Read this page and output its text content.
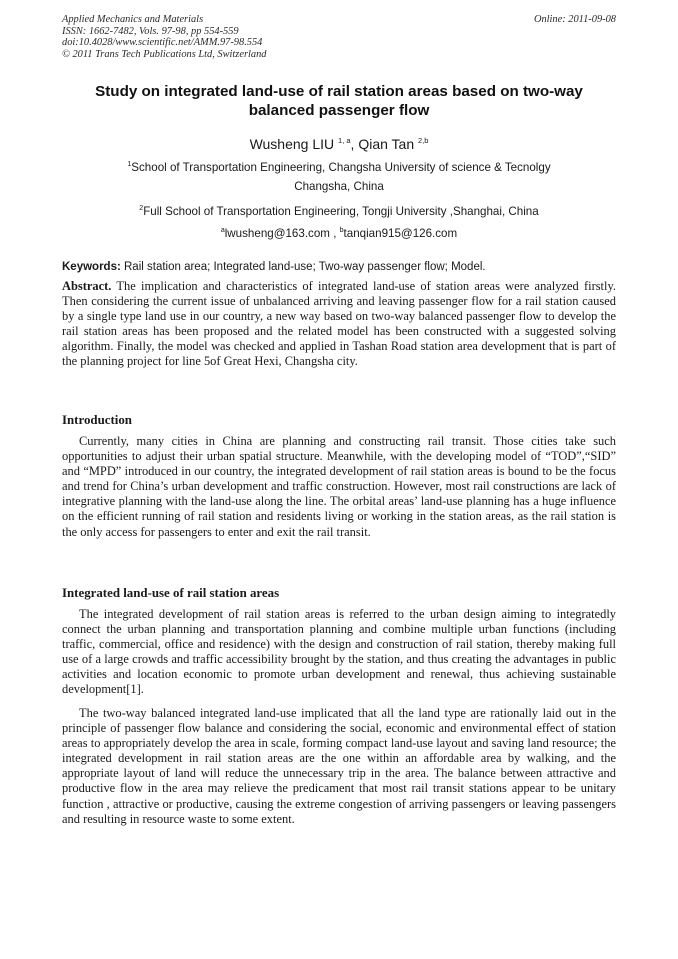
Applied Mechanics and Materials
ISSN: 1662-7482, Vols. 97-98, pp 554-559
doi:10.4028/www.scientific.net/AMM.97-98.554
© 2011 Trans Tech Publications Ltd, Switzerland
Online: 2011-09-08
Study on integrated land-use of rail station areas based on two-way balanced passenger flow
Wusheng LIU $^{1, a}$, Qian Tan $^{2,b}$
$^1$School of Transportation Engineering, Changsha University of science & Tecnolgy
Changsha, China
$^2$Full School of Transportation Engineering, Tongji University ,Shanghai, China
$^a$lwusheng@163.com , $^b$tanqian915@126.com
Keywords: Rail station area; Integrated land-use; Two-way passenger flow; Model.
Abstract. The implication and characteristics of integrated land-use of station areas were analyzed firstly. Then considering the current issue of unbalanced arriving and leaving passenger flow for a rail station caused by a single type land use in our country, a new way based on two-way balanced passenger flow to develop the rail station areas has been proposed and the related model has been constructed with a suggested solving algorithm. Finally, the model was checked and applied in Tashan Road station area development that is part of the planning project for line 5of Great Hexi, Changsha city.
Introduction
Currently, many cities in China are planning and constructing rail transit. Those cities take such opportunities to adjust their urban spatial structure. Meanwhile, with the developing model of “TOD”,“SID” and “MPD” introduced in our country, the integrated development of rail station areas is bound to be the focus and trend for China’s urban development and traffic construction. However, most rail constructions are lack of integrative planning with the land-use along the line. The orbital areas’ land-use planning has a huge influence on the efficient running of rail station and residents living or working in the station areas, as the rail station is the only access for passengers to enter and exit the rail transit.
Integrated land-use of rail station areas
The integrated development of rail station areas is referred to the urban design aiming to integratedly connect the urban planning and transportation planning and combine multiple urban functions (including traffic, commercial, office and residence) with the design and construction of rail station, thereby making full use of a large crowds and traffic accessibility brought by the station, and thus creating the advantages in public activities and location economic to promote urban development and renewal, thus achieving sustainable development[1].
The two-way balanced integrated land-use implicated that all the land type are rationally laid out in the principle of passenger flow balance and considering the social, economic and environmental effect of station areas to appropriately develop the area in scale, forming compact land-use layout and saving land resource; the integrated development in rail station areas are the one within an affordable area by walking, and the appropriate layout of land will reduce the unnecessary trip in the area. The balance between attractive and productive flow in the area may relieve the predicament that most rail transit stations appear to be unitary function , attractive or productive, causing the extreme congestion of arriving passengers or leaving passengers and resulting in resource waste to some extent.
